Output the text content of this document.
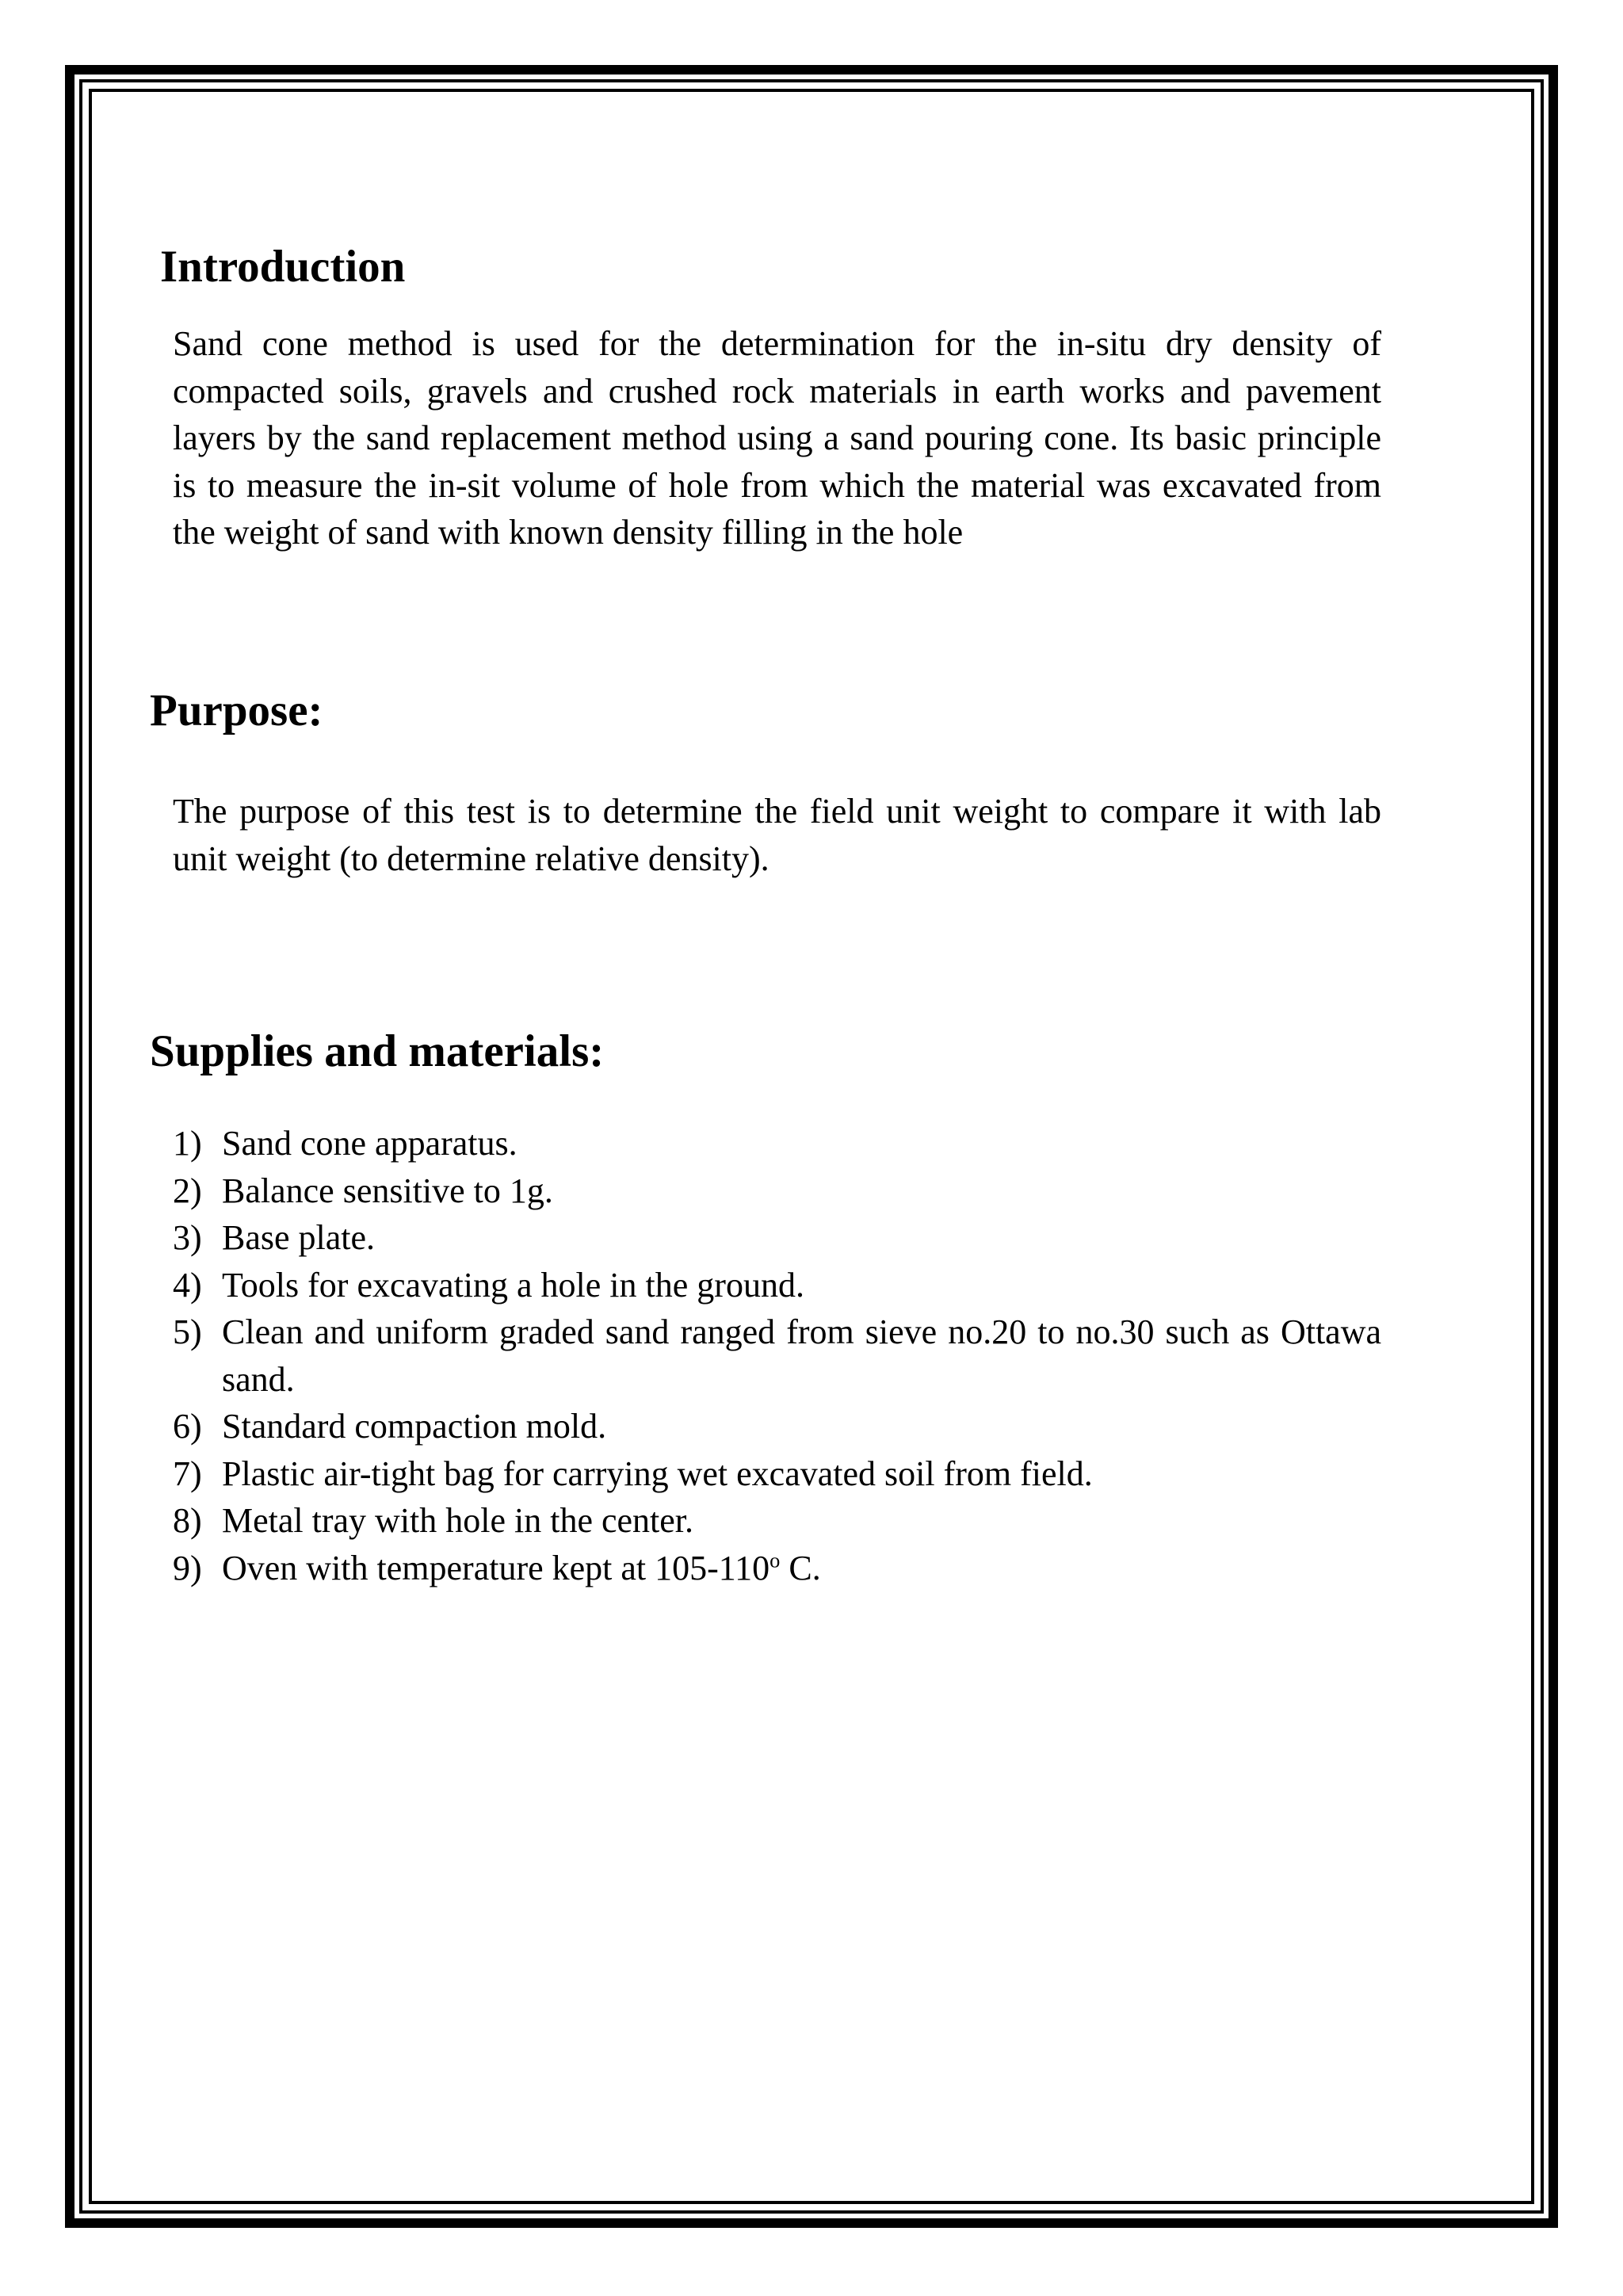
Introduction

Sand cone method is used for the determination for the in-situ dry density of compacted soils, gravels and crushed rock materials in earth works and pavement layers by the sand replacement method using a sand pouring cone. Its basic principle is to measure the in-sit volume of hole from which the material was excavated from the weight of sand with known density filling in the hole

Purpose:

The purpose of this test is to determine the field unit weight to compare it with lab unit weight (to determine relative density).

Supplies and materials:
1) Sand cone apparatus.
2) Balance sensitive to 1g.
3) Base plate.
4) Tools for excavating a hole in the ground.
5) Clean and uniform graded sand ranged from sieve no.20 to no.30 such as Ottawa sand.
6) Standard compaction mold.
7) Plastic air-tight bag for carrying wet excavated soil from field.
8) Metal tray with hole in the center.
9) Oven with temperature kept at 105-110$^o$ C.
